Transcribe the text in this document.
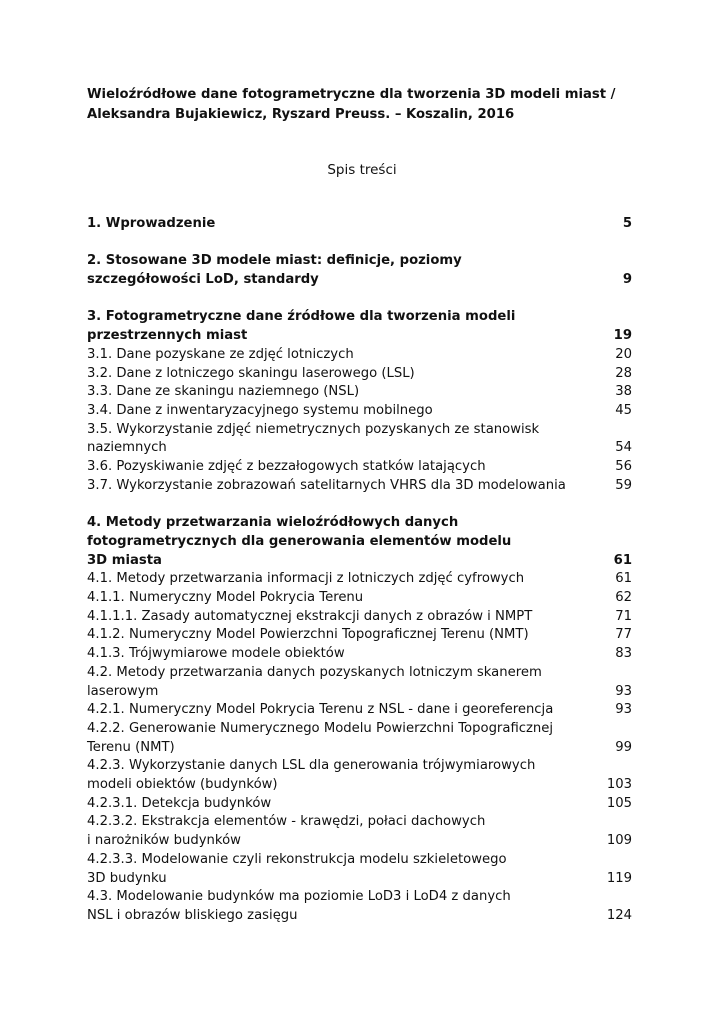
Wieloźródłowe dane fotogrametryczne dla tworzenia 3D modeli miast /
Aleksandra Bujakiewicz, Ryszard Preuss. – Koszalin, 2016
Spis treści
1. Wprowadzenie	5
2. Stosowane 3D modele miast: definicje, poziomy
szczegółowości LoD, standardy	9
3. Fotogrametryczne dane źródłowe dla tworzenia modeli
przestrzennych miast	19
3.1. Dane pozyskane ze zdjęć lotniczych	20
3.2. Dane z lotniczego skaningu laserowego (LSL)	28
3.3. Dane ze skaningu naziemnego (NSL)	38
3.4. Dane z inwentaryzacyjnego systemu mobilnego	45
3.5. Wykorzystanie zdjęć niemetrycznych pozyskanych ze stanowisk
naziemnych	54
3.6. Pozyskiwanie zdjęć z bezzałogowych statków latających	56
3.7. Wykorzystanie zobrazowań satelitarnych VHRS dla 3D modelowania	59
4. Metody przetwarzania wieloźródłowych danych
fotogrametrycznych dla generowania elementów modelu
3D miasta	61
4.1. Metody przetwarzania informacji z lotniczych zdjęć cyfrowych	61
4.1.1. Numeryczny Model Pokrycia Terenu	62
4.1.1.1. Zasady automatycznej ekstrakcji danych z obrazów i NMPT	71
4.1.2. Numeryczny Model Powierzchni Topograficznej Terenu (NMT)	77
4.1.3. Trójwymiarowe modele obiektów	83
4.2. Metody przetwarzania danych pozyskanych lotniczym skanerem
laserowym	93
4.2.1. Numeryczny Model Pokrycia Terenu z NSL - dane i georeferencja	93
4.2.2. Generowanie Numerycznego Modelu Powierzchni Topograficznej
Terenu (NMT)	99
4.2.3. Wykorzystanie danych LSL dla generowania trójwymiarowych
modeli obiektów (budynków)	103
4.2.3.1. Detekcja budynków	105
4.2.3.2. Ekstrakcja elementów - krawędzi, połaci dachowych
i narożników budynków	109
4.2.3.3. Modelowanie czyli rekonstrukcja modelu szkieletowego
3D budynku	119
4.3. Modelowanie budynków ma poziomie LoD3 i LoD4 z danych
NSL i obrazów bliskiego zasięgu	124
